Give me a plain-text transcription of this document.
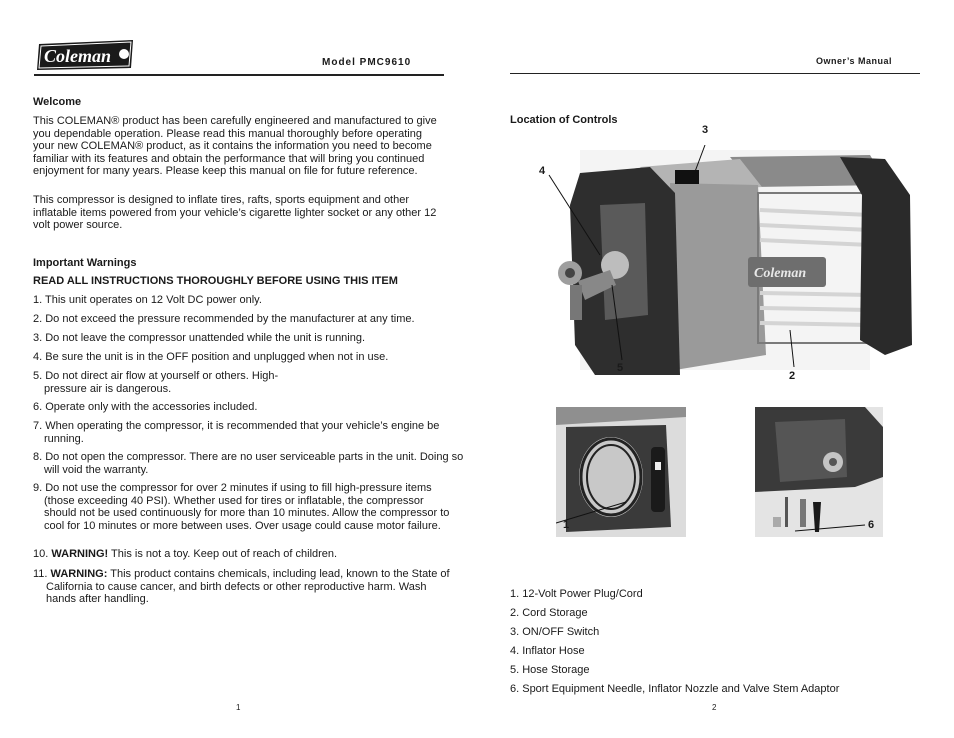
Coleman	Model PMC9610	Owner’s Manual
Welcome
This COLEMAN® product has been carefully engineered and manufactured to give you dependable operation. Please read this manual thoroughly before operating your new COLEMAN® product, as it contains the information you need to become familiar with its features and obtain the performance that will bring you continued enjoyment for many years. Please keep this manual on file for future reference.
This compressor is designed to inflate tires, rafts, sports equipment and other inflatable items powered from your vehicle’s cigarette lighter socket or any other 12 volt power source.
Important Warnings
READ ALL INSTRUCTIONS THOROUGHLY BEFORE USING THIS ITEM
1. This unit operates on 12 Volt DC power only.
2. Do not exceed the pressure recommended by the manufacturer at any time.
3. Do not leave the compressor unattended while the unit is running.
4. Be sure the unit is in the OFF position and unplugged when not in use.
5. Do not direct air flow at yourself or others. High-pressure air is dangerous.
6. Operate only with the accessories included.
7. When operating the compressor, it is recommended that your vehicle’s engine be running.
8. Do not open the compressor. There are no user serviceable parts in the unit. Doing so will void the warranty.
9. Do not use the compressor for over 2 minutes if using to fill high-pressure items (those exceeding 40 PSI). Whether used for tires or inflatable, the compressor should not be used continuously for more than 10 minutes. Allow the compressor to cool for 10 minutes or more between uses. Over usage could cause motor failure.
10. WARNING! This is not a toy. Keep out of reach of children.
11. WARNING: This product contains chemicals, including lead, known to the State of California to cause cancer, and birth defects or other reproductive harm. Wash hands after handling.
1
Location of Controls
Coleman
3
4
5
2
1	6
1. 12-Volt Power Plug/Cord
2. Cord Storage
3. ON/OFF Switch
4. Inflator Hose
5. Hose Storage
6. Sport Equipment Needle, Inflator Nozzle and Valve Stem Adaptor
2
